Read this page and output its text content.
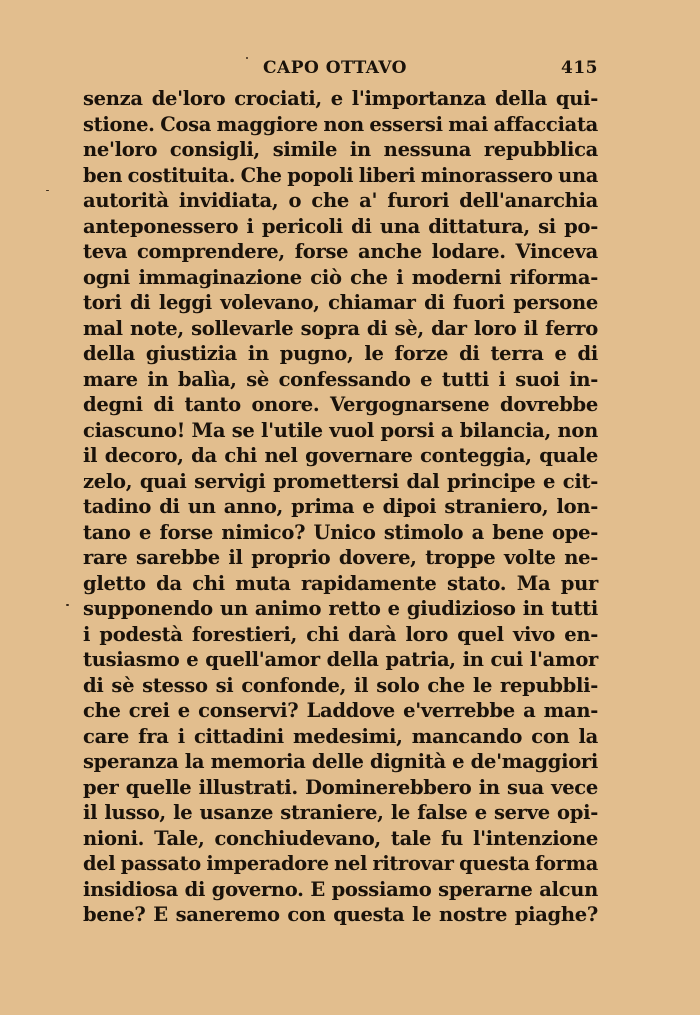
CAPO OTTAVO	415
senza de'loro crociati, e l'importanza della qui-
stione. Cosa maggiore non essersi mai affacciata
ne'loro consigli, simile in nessuna repubblica
ben costituita. Che popoli liberi minorassero una
autorità invidiata, o che a' furori dell'anarchia
anteponessero i pericoli di una dittatura, si po-
teva comprendere, forse anche lodare. Vinceva
ogni immaginazione ciò che i moderni riforma-
tori di leggi volevano, chiamar di fuori persone
mal note, sollevarle sopra di sè, dar loro il ferro
della giustizia in pugno, le forze di terra e di
mare in balìa, sè confessando e tutti i suoi in-
degni di tanto onore. Vergognarsene dovrebbe
ciascuno! Ma se l'utile vuol porsi a bilancia, non
il decoro, da chi nel governare conteggia, quale
zelo, quai servigi promettersi dal principe e cit-
tadino di un anno, prima e dipoi straniero, lon-
tano e forse nimico? Unico stimolo a bene ope-
rare sarebbe il proprio dovere, troppe volte ne-
gletto da chi muta rapidamente stato. Ma pur
supponendo un animo retto e giudizioso in tutti
i podestà forestieri, chi darà loro quel vivo en-
tusiasmo e quell'amor della patria, in cui l'amor
di sè stesso si confonde, il solo che le repubbli-
che crei e conservi? Laddove e'verrebbe a man-
care fra i cittadini medesimi, mancando con la
speranza la memoria delle dignità e de'maggiori
per quelle illustrati. Dominerebbero in sua vece
il lusso, le usanze straniere, le false e serve opi-
nioni. Tale, conchiudevano, tale fu l'intenzione
del passato imperadore nel ritrovar questa forma
insidiosa di governo. E possiamo sperarne alcun
bene? E saneremo con questa le nostre piaghe?
